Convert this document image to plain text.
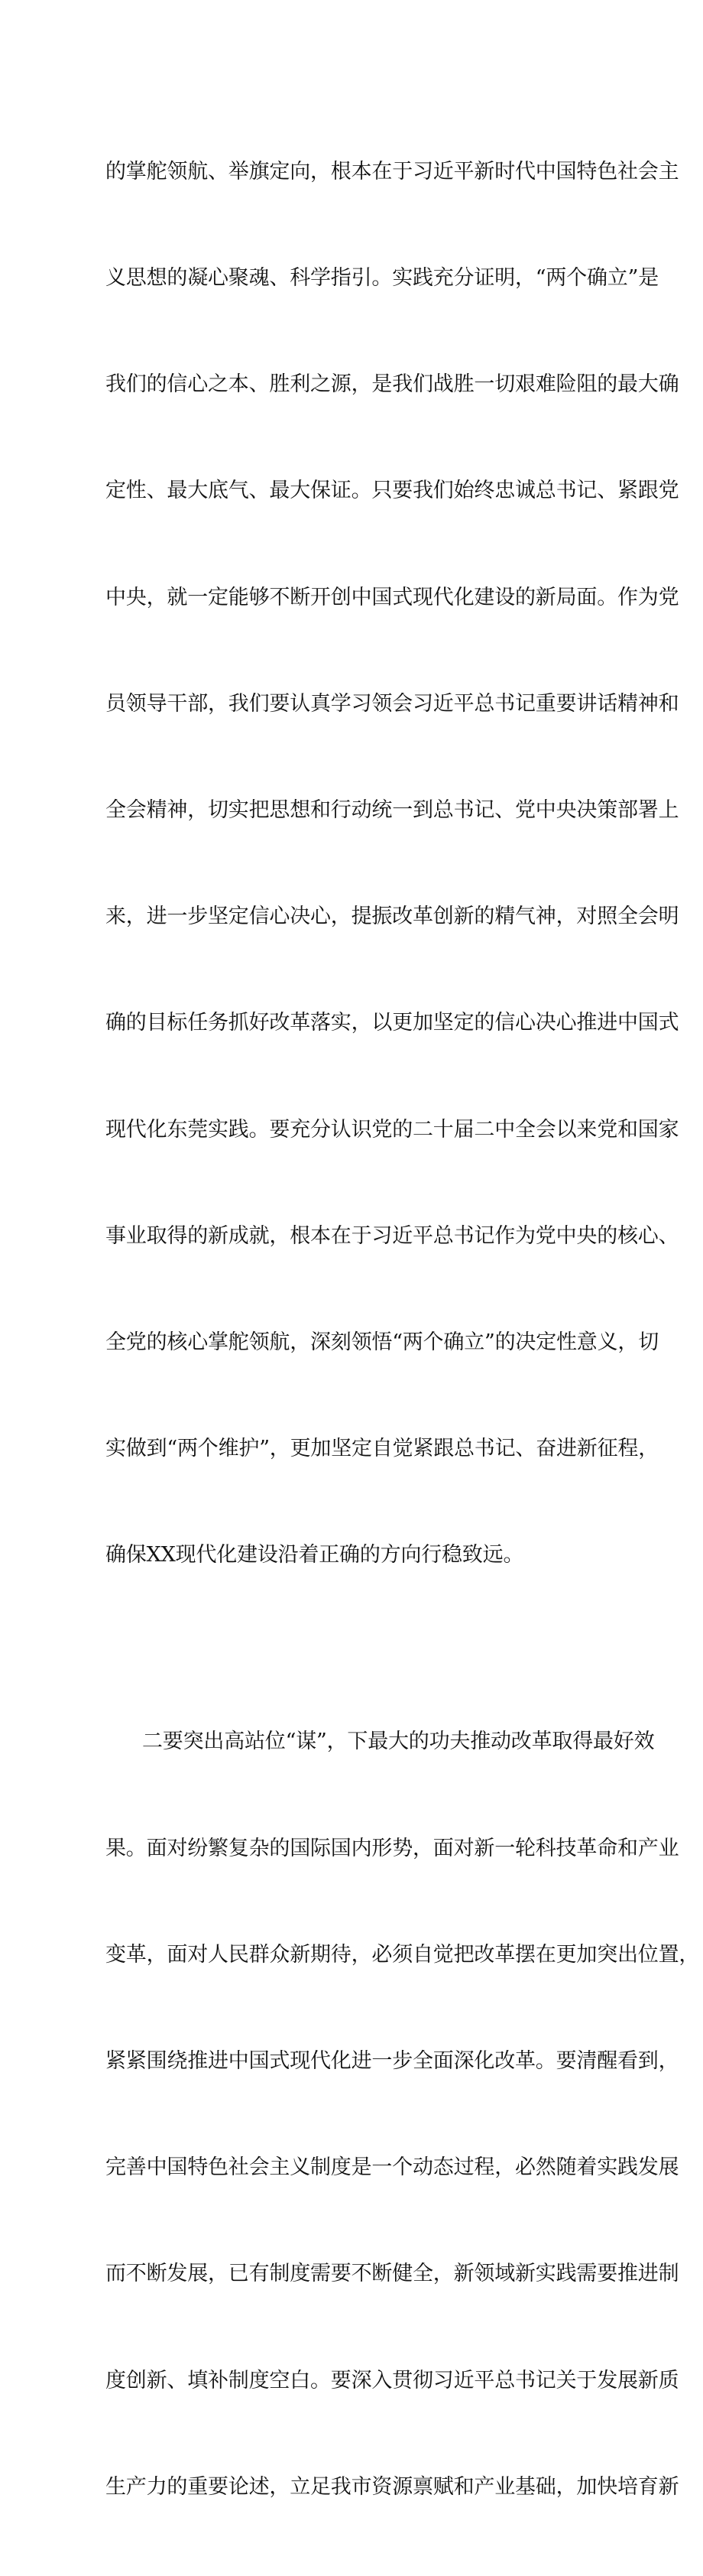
的掌舵领航、举旗定向，根本在于习近平新时代中国特色社会主

义思想的凝心聚魂、科学指引。实践充分证明，“两个确立”是

我们的信心之本、胜利之源，是我们战胜一切艰难险阻的最大确

定性、最大底气、最大保证。只要我们始终忠诚总书记、紧跟党

中央，就一定能够不断开创中国式现代化建设的新局面。作为党

员领导干部，我们要认真学习领会习近平总书记重要讲话精神和

全会精神，切实把思想和行动统一到总书记、党中央决策部署上

来，进一步坚定信心决心，提振改革创新的精气神，对照全会明

确的目标任务抓好改革落实，以更加坚定的信心决心推进中国式

现代化东莞实践。要充分认识党的二十届二中全会以来党和国家

事业取得的新成就，根本在于习近平总书记作为党中央的核心、

全党的核心掌舵领航，深刻领悟“两个确立”的决定性意义，切

实做到“两个维护”，更加坚定自觉紧跟总书记、奋进新征程，

确保XX现代化建设沿着正确的方向行稳致远。

二要突出高站位“谋”，下最大的功夫推动改革取得最好效

果。面对纷繁复杂的国际国内形势，面对新一轮科技革命和产业

变革，面对人民群众新期待，必须自觉把改革摆在更加突出位置，

紧紧围绕推进中国式现代化进一步全面深化改革。要清醒看到，

完善中国特色社会主义制度是一个动态过程，必然随着实践发展

而不断发展，已有制度需要不断健全，新领域新实践需要推进制

度创新、填补制度空白。要深入贯彻习近平总书记关于发展新质

生产力的重要论述，立足我市资源禀赋和产业基础，加快培育新
